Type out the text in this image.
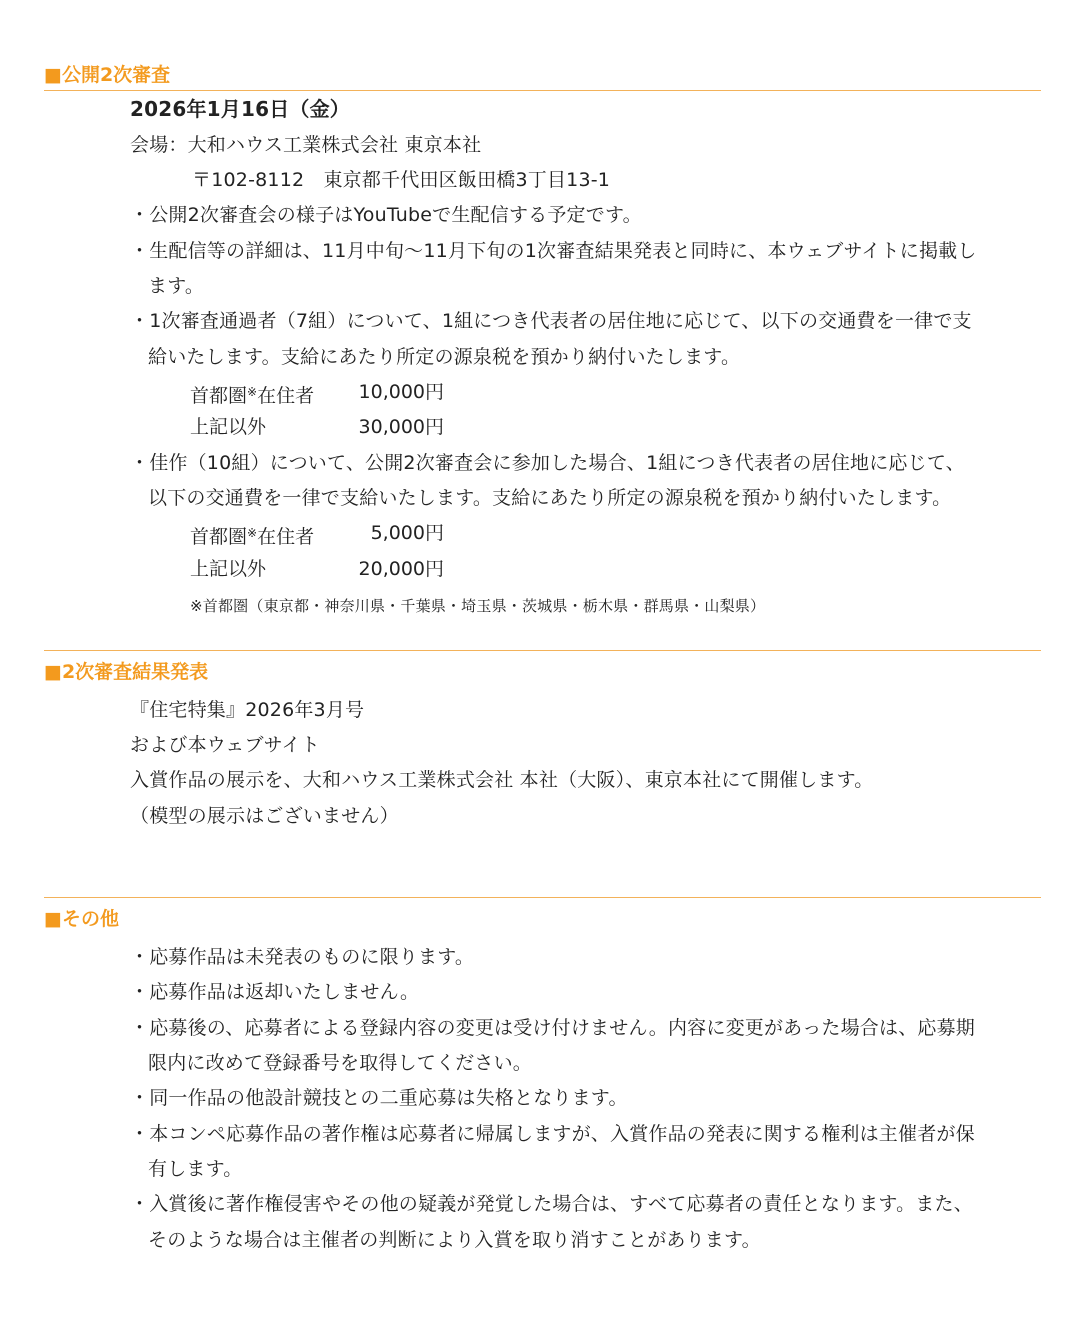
■公開2次審査
2026年1月16日（金）
会場：大和ハウス工業株式会社 東京本社
〒102-8112　東京都千代田区飯田橋3丁目13-1
・公開2次審査会の様子はYouTubeで生配信する予定です。
・生配信等の詳細は、11月中旬～11月下旬の1次審査結果発表と同時に、本ウェブサイトに掲載し
ます。
・1次審査通過者（7組）について、1組につき代表者の居住地に応じて、以下の交通費を一律で支
給いたします。支給にあたり所定の源泉税を預かり納付いたします。
首都圏※在住者	10,000円
上記以外	30,000円
・佳作（10組）について、公開2次審査会に参加した場合、1組につき代表者の居住地に応じて、
以下の交通費を一律で支給いたします。支給にあたり所定の源泉税を預かり納付いたします。
首都圏※在住者	5,000円
上記以外	20,000円
※首都圏（東京都・神奈川県・千葉県・埼玉県・茨城県・栃木県・群馬県・山梨県）
■2次審査結果発表
『住宅特集』2026年3月号
および本ウェブサイト
入賞作品の展示を、大和ハウス工業株式会社 本社（大阪）、東京本社にて開催します。
（模型の展示はございません）
■その他
・応募作品は未発表のものに限ります。
・応募作品は返却いたしません。
・応募後の、応募者による登録内容の変更は受け付けません。内容に変更があった場合は、応募期
限内に改めて登録番号を取得してください。
・同一作品の他設計競技との二重応募は失格となります。
・本コンペ応募作品の著作権は応募者に帰属しますが、入賞作品の発表に関する権利は主催者が保
有します。
・入賞後に著作権侵害やその他の疑義が発覚した場合は、すべて応募者の責任となります。また、
そのような場合は主催者の判断により入賞を取り消すことがあります。
